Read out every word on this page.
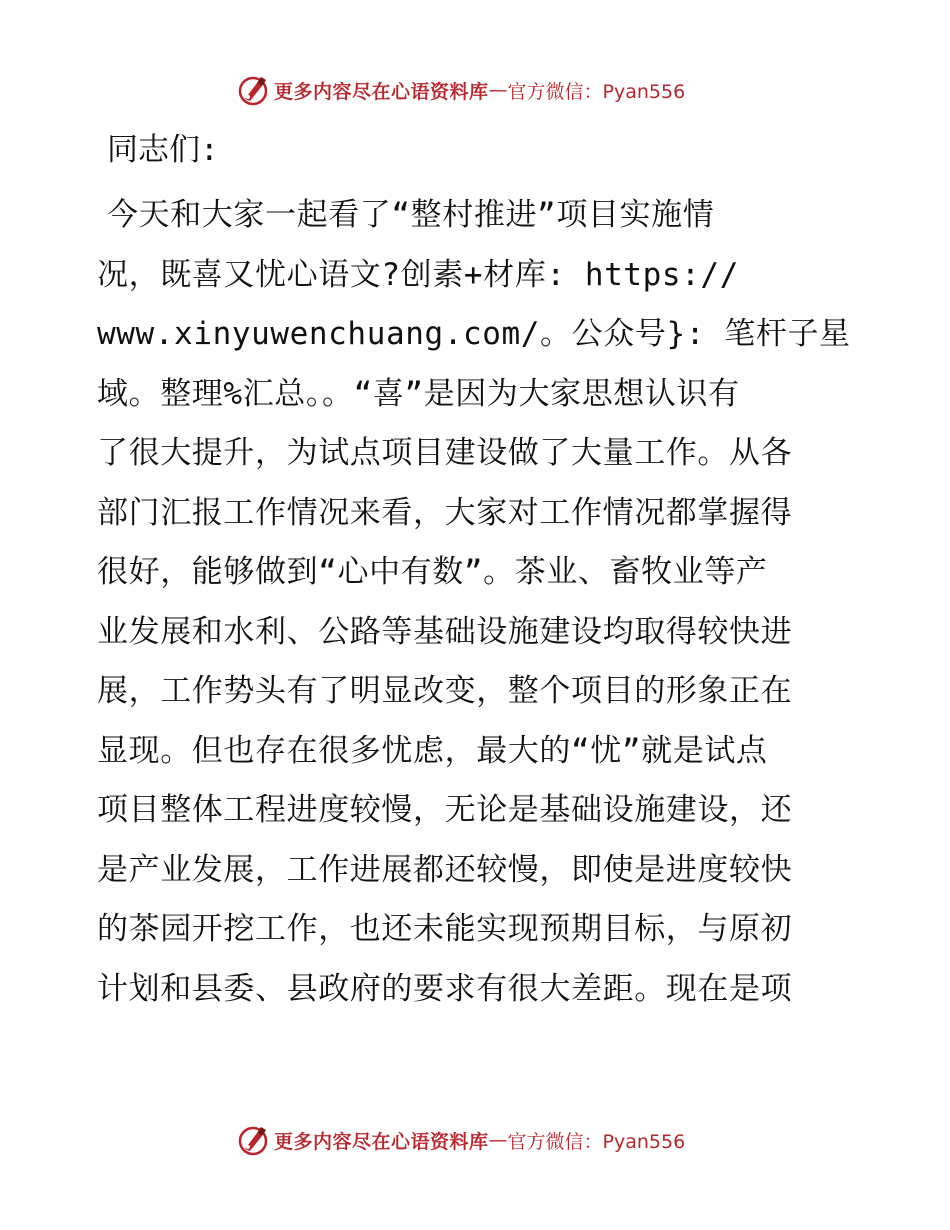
更多内容尽在心语资料库 — 官方微信：Pyan556
同志们:
今天和大家一起看了“整村推进”项目实施情
况，既喜又忧心语文?创素+材库: https://
www.xinyuwenchuang.com/。公众号}: 笔杆子星
域。整理%汇总。。“喜”是因为大家思想认识有
了很大提升，为试点项目建设做了大量工作。从各
部门汇报工作情况来看，大家对工作情况都掌握得
很好，能够做到“心中有数”。茶业、畜牧业等产
业发展和水利、公路等基础设施建设均取得较快进
展，工作势头有了明显改变，整个项目的形象正在
显现。但也存在很多忧虑，最大的“忧”就是试点
项目整体工程进度较慢，无论是基础设施建设，还
是产业发展，工作进展都还较慢，即使是进度较快
的茶园开挖工作，也还未能实现预期目标，与原初
计划和县委、县政府的要求有很大差距。现在是项
更多内容尽在心语资料库 — 官方微信：Pyan556
